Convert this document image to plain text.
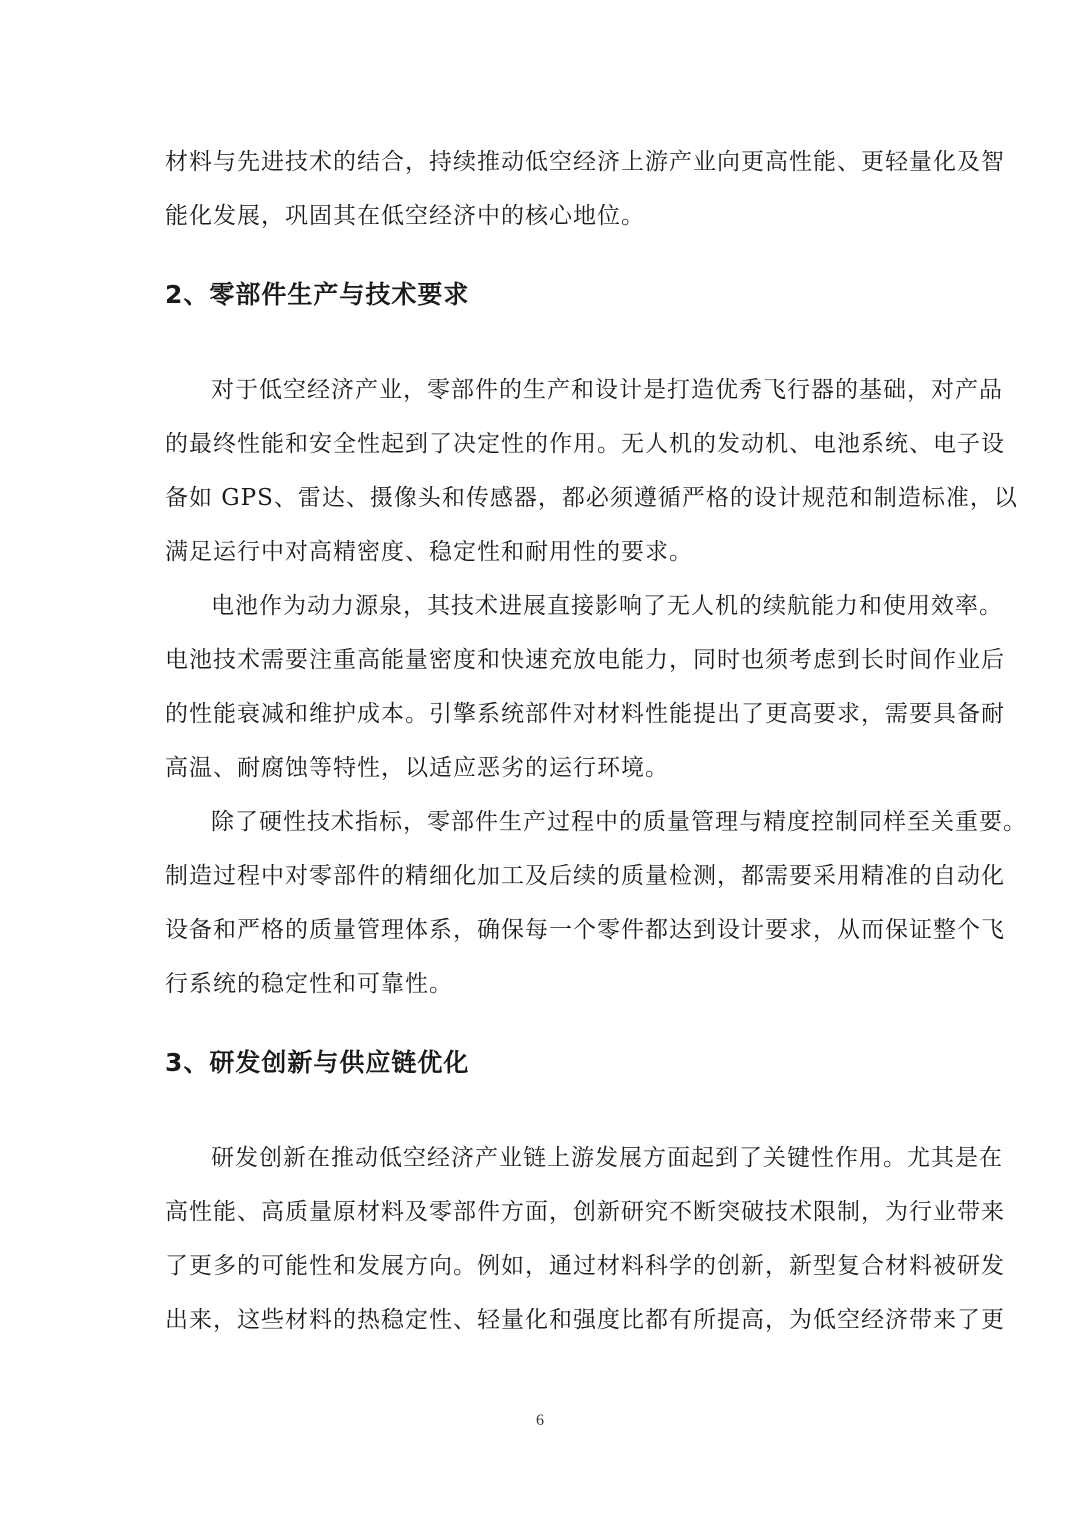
材料与先进技术的结合，持续推动低空经济上游产业向更高性能、更轻量化及智
能化发展，巩固其在低空经济中的核心地位。
2、零部件生产与技术要求
对于低空经济产业，零部件的生产和设计是打造优秀飞行器的基础，对产品
的最终性能和安全性起到了决定性的作用。无人机的发动机、电池系统、电子设
备如 GPS、雷达、摄像头和传感器，都必须遵循严格的设计规范和制造标准，以
满足运行中对高精密度、稳定性和耐用性的要求。
电池作为动力源泉，其技术进展直接影响了无人机的续航能力和使用效率。
电池技术需要注重高能量密度和快速充放电能力，同时也须考虑到长时间作业后
的性能衰减和维护成本。引擎系统部件对材料性能提出了更高要求，需要具备耐
高温、耐腐蚀等特性，以适应恶劣的运行环境。
除了硬性技术指标，零部件生产过程中的质量管理与精度控制同样至关重要。
制造过程中对零部件的精细化加工及后续的质量检测，都需要采用精准的自动化
设备和严格的质量管理体系，确保每一个零件都达到设计要求，从而保证整个飞
行系统的稳定性和可靠性。
3、研发创新与供应链优化
研发创新在推动低空经济产业链上游发展方面起到了关键性作用。尤其是在
高性能、高质量原材料及零部件方面，创新研究不断突破技术限制，为行业带来
了更多的可能性和发展方向。例如，通过材料科学的创新，新型复合材料被研发
出来，这些材料的热稳定性、轻量化和强度比都有所提高，为低空经济带来了更
6
